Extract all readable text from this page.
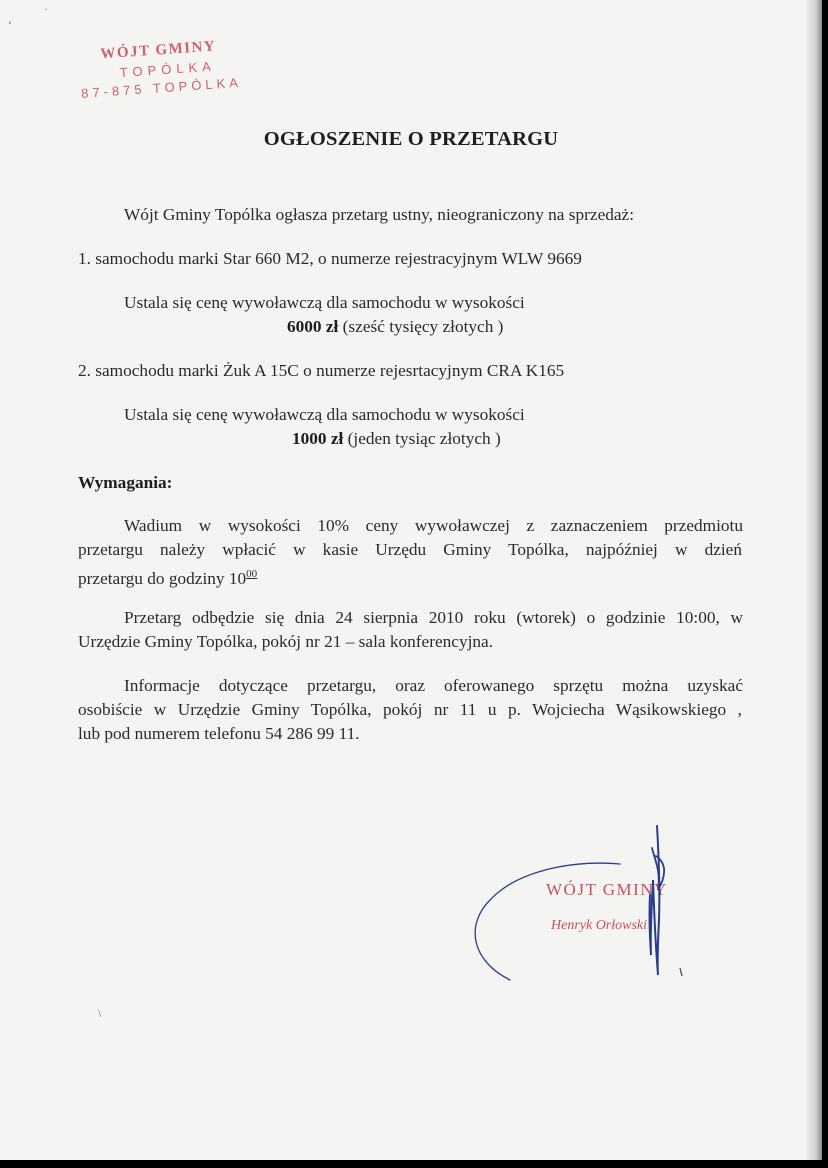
‘
·
\
WÓJT GMINY
TOPÓLKA
87-875 TOPÓLKA
OGŁOSZENIE O PRZETARGU
Wójt Gminy Topólka ogłasza przetarg ustny, nieograniczony na sprzedaż:
1. samochodu marki Star 660 M2, o numerze rejestracyjnym WLW 9669
Ustala się cenę wywoławczą dla samochodu w wysokości
6000 zł (sześć tysięcy złotych )
2. samochodu marki Żuk A 15C o numerze rejesrtacyjnym CRA K165
Ustala się cenę wywoławczą dla samochodu w wysokości
1000 zł (jeden tysiąc złotych )
Wymagania:
Wadium w wysokości 10% ceny wywoławczej z zaznaczeniem przedmiotu
przetargu należy wpłacić w kasie Urzędu Gminy Topólka, najpóźniej w dzień
przetargu do godziny $10^{00}$
Przetarg odbędzie się dnia 24 sierpnia 2010 roku (wtorek) o godzinie 10:00, w
Urzędzie Gminy Topólka, pokój nr 21 – sala konferencyjna.
Informacje dotyczące przetargu, oraz oferowanego sprzętu można uzyskać
osobiście w Urzędzie Gminy Topólka, pokój nr 11 u p. Wojciecha Wąsikowskiego ,
lub pod numerem telefonu 54 286 99 11.
WÓJT GMINY
Henryk Orłowski
